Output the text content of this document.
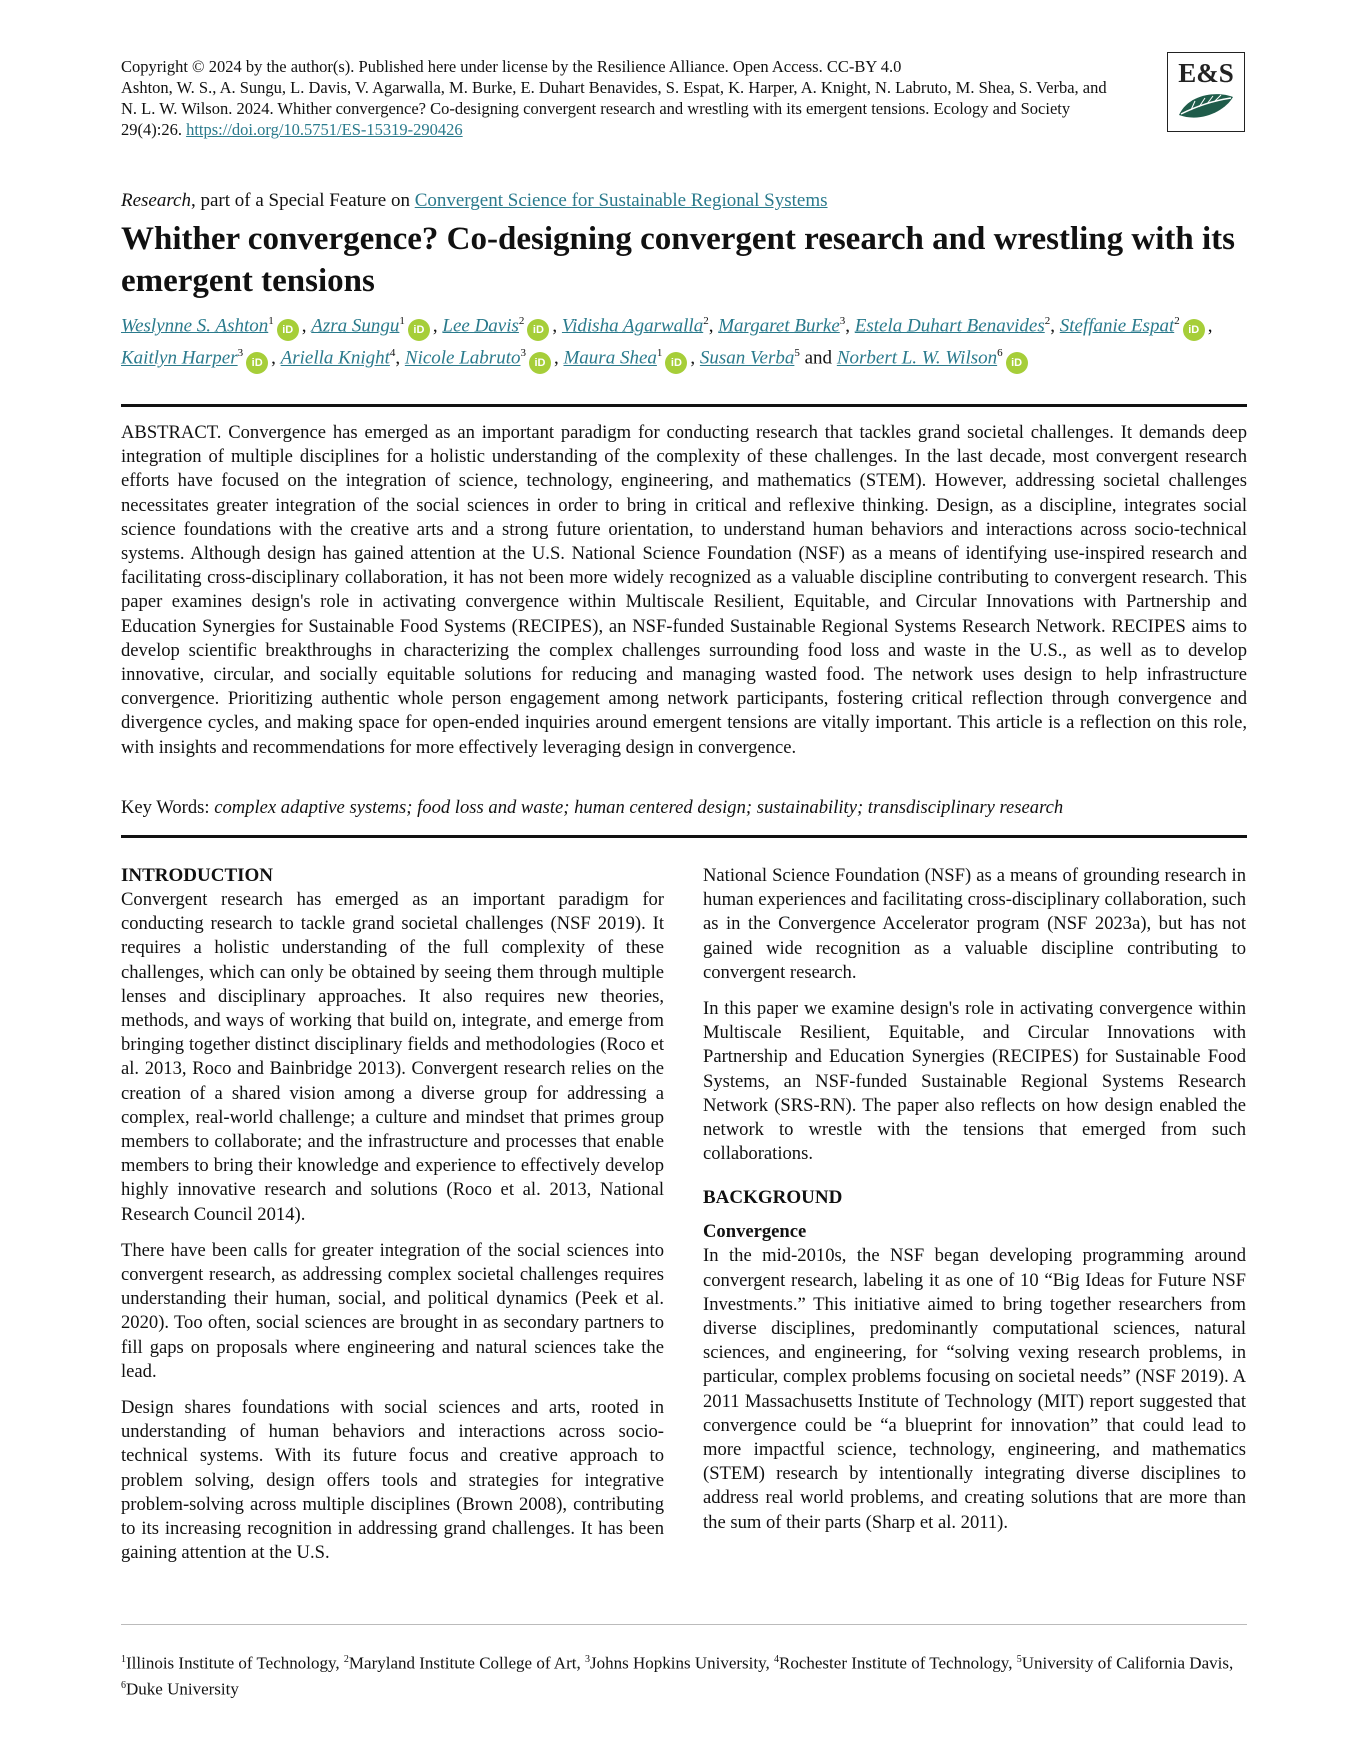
Copyright © 2024 by the author(s). Published here under license by the Resilience Alliance. Open Access. CC-BY 4.0

Ashton, W. S., A. Sungu, L. Davis, V. Agarwalla, M. Burke, E. Duhart Benavides, S. Espat, K. Harper, A. Knight, N. Labruto, M. Shea, S. Verba, and N. L. W. Wilson. 2024. Whither convergence? Co-designing convergent research and wrestling with its emergent tensions. Ecology and Society 29(4):26. https://doi.org/10.5751/ES-15319-290426

E&S
Research, part of a Special Feature on Convergent Science for Sustainable Regional Systems
Whither convergence? Co-designing convergent research and wrestling with its emergent tensions
Weslynne S. Ashton$^1$iD , Azra Sungu$^1$iD , Lee Davis$^2$iD , Vidisha Agarwalla$^2$, Margaret Burke$^3$, Estela Duhart Benavides$^2$, Steffanie Espat$^2$iD , Kaitlyn Harper$^3$iD , Ariella Knight$^4$, Nicole Labruto$^3$iD , Maura Shea$^1$iD , Susan Verba$^5$ and Norbert L. W. Wilson$^6$iD

ABSTRACT. Convergence has emerged as an important paradigm for conducting research that tackles grand societal challenges. It demands deep integration of multiple disciplines for a holistic understanding of the complexity of these challenges. In the last decade, most convergent research efforts have focused on the integration of science, technology, engineering, and mathematics (STEM). However, addressing societal challenges necessitates greater integration of the social sciences in order to bring in critical and reflexive thinking. Design, as a discipline, integrates social science foundations with the creative arts and a strong future orientation, to understand human behaviors and interactions across socio-technical systems. Although design has gained attention at the U.S. National Science Foundation (NSF) as a means of identifying use-inspired research and facilitating cross-disciplinary collaboration, it has not been more widely recognized as a valuable discipline contributing to convergent research. This paper examines design's role in activating convergence within Multiscale Resilient, Equitable, and Circular Innovations with Partnership and Education Synergies for Sustainable Food Systems (RECIPES), an NSF-funded Sustainable Regional Systems Research Network. RECIPES aims to develop scientific breakthroughs in characterizing the complex challenges surrounding food loss and waste in the U.S., as well as to develop innovative, circular, and socially equitable solutions for reducing and managing wasted food. The network uses design to help infrastructure convergence. Prioritizing authentic whole person engagement among network participants, fostering critical reflection through convergence and divergence cycles, and making space for open-ended inquiries around emergent tensions are vitally important. This article is a reflection on this role, with insights and recommendations for more effectively leveraging design in convergence.

Key Words: complex adaptive systems; food loss and waste; human centered design; sustainability; transdisciplinary research
INTRODUCTION

Convergent research has emerged as an important paradigm for conducting research to tackle grand societal challenges (NSF 2019). It requires a holistic understanding of the full complexity of these challenges, which can only be obtained by seeing them through multiple lenses and disciplinary approaches. It also requires new theories, methods, and ways of working that build on, integrate, and emerge from bringing together distinct disciplinary fields and methodologies (Roco et al. 2013, Roco and Bainbridge 2013). Convergent research relies on the creation of a shared vision among a diverse group for addressing a complex, real-world challenge; a culture and mindset that primes group members to collaborate; and the infrastructure and processes that enable members to bring their knowledge and experience to effectively develop highly innovative research and solutions (Roco et al. 2013, National Research Council 2014).

There have been calls for greater integration of the social sciences into convergent research, as addressing complex societal challenges requires understanding their human, social, and political dynamics (Peek et al. 2020). Too often, social sciences are brought in as secondary partners to fill gaps on proposals where engineering and natural sciences take the lead.

Design shares foundations with social sciences and arts, rooted in understanding of human behaviors and interactions across socio-technical systems. With its future focus and creative approach to problem solving, design offers tools and strategies for integrative problem-solving across multiple disciplines (Brown 2008), contributing to its increasing recognition in addressing grand challenges. It has been gaining attention at the U.S.

National Science Foundation (NSF) as a means of grounding research in human experiences and facilitating cross-disciplinary collaboration, such as in the Convergence Accelerator program (NSF 2023a), but has not gained wide recognition as a valuable discipline contributing to convergent research.

In this paper we examine design's role in activating convergence within Multiscale Resilient, Equitable, and Circular Innovations with Partnership and Education Synergies (RECIPES) for Sustainable Food Systems, an NSF-funded Sustainable Regional Systems Research Network (SRS-RN). The paper also reflects on how design enabled the network to wrestle with the tensions that emerged from such collaborations.

BACKGROUND
Convergence

In the mid-2010s, the NSF began developing programming around convergent research, labeling it as one of 10 “Big Ideas for Future NSF Investments.” This initiative aimed to bring together researchers from diverse disciplines, predominantly computational sciences, natural sciences, and engineering, for “solving vexing research problems, in particular, complex problems focusing on societal needs” (NSF 2019). A 2011 Massachusetts Institute of Technology (MIT) report suggested that convergence could be “a blueprint for innovation” that could lead to more impactful science, technology, engineering, and mathematics (STEM) research by intentionally integrating diverse disciplines to address real world problems, and creating solutions that are more than the sum of their parts (Sharp et al. 2011).

$^1$Illinois Institute of Technology, $^2$Maryland Institute College of Art, $^3$Johns Hopkins University, $^4$Rochester Institute of Technology, $^5$University of California Davis, $^6$Duke University
